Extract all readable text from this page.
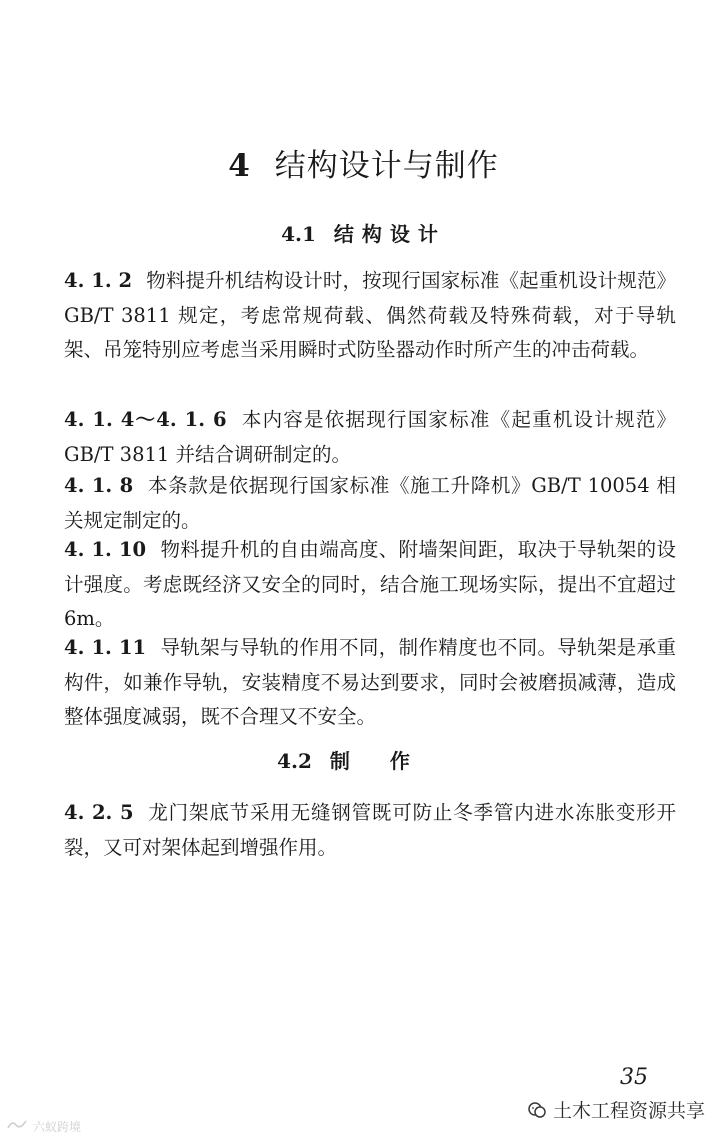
4 结构设计与制作
4.1 结构设计
4. 1. 2 物料提升机结构设计时，按现行国家标准《起重机设计规范》GB/T 3811 规定，考虑常规荷载、偶然荷载及特殊荷载，对于导轨架、吊笼特别应考虑当采用瞬时式防坠器动作时所产生的冲击荷载。
4. 1. 4～4. 1. 6 本内容是依据现行国家标准《起重机设计规范》GB/T 3811 并结合调研制定的。
4. 1. 8 本条款是依据现行国家标准《施工升降机》GB/T 10054 相关规定制定的。
4. 1. 10 物料提升机的自由端高度、附墙架间距，取决于导轨架的设计强度。考虑既经济又安全的同时，结合施工现场实际，提出不宜超过 6m。
4. 1. 11 导轨架与导轨的作用不同，制作精度也不同。导轨架是承重构件，如兼作导轨，安装精度不易达到要求，同时会被磨损减薄，造成整体强度减弱，既不合理又不安全。
4.2 制作
4. 2. 5 龙门架底节采用无缝钢管既可防止冬季管内进水冻胀变形开裂，又可对架体起到增强作用。
35
土木工程资源共享
六蚁跨境
